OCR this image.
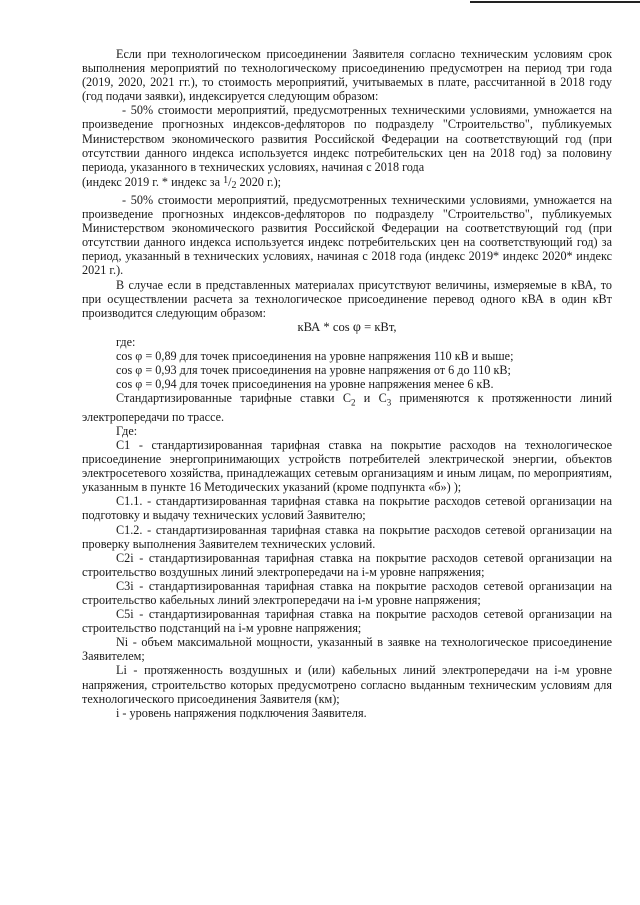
Если при технологическом присоединении Заявителя согласно техническим условиям срок выполнения мероприятий по технологическому присоединению предусмотрен на период три года (2019, 2020, 2021 гг.), то стоимость мероприятий, учитываемых в плате, рассчитанной в 2018 году (год подачи заявки), индексируется следующим образом:

- 50% стоимости мероприятий, предусмотренных техническими условиями, умножается на произведение прогнозных индексов-дефляторов по подразделу "Строительство", публикуемых Министерством экономического развития Российской Федерации на соответствующий год (при отсутствии данного индекса используется индекс потребительских цен на 2018 год) за половину периода, указанного в технических условиях, начиная с 2018 года

(индекс 2019 г. * индекс за $^1$/2 2020 г.);

- 50% стоимости мероприятий, предусмотренных техническими условиями, умножается на произведение прогнозных индексов-дефляторов по подразделу "Строительство", публикуемых Министерством экономического развития Российской Федерации на соответствующий год (при отсутствии данного индекса используется индекс потребительских цен на соответствующий год) за период, указанный в технических условиях, начиная с 2018 года (индекс 2019* индекс 2020* индекс 2021 г.).

В случае если в представленных материалах присутствуют величины, измеряемые в кВА, то при осуществлении расчета за технологическое присоединение перевод одного кВА в один кВт производится следующим образом:

кВА * cos φ = кВт,

где:

cos φ = 0,89 для точек присоединения на уровне напряжения 110 кВ и выше;

cos φ = 0,93 для точек присоединения на уровне напряжения от 6 до 110 кВ;

cos φ = 0,94 для точек присоединения на уровне напряжения менее 6 кВ.

Стандартизированные тарифные ставки $С_2$ и $С_3$ применяются к протяженности линий электропередачи по трассе.

Где:

С1 - стандартизированная тарифная ставка на покрытие расходов на технологическое присоединение энергопринимающих устройств потребителей электрической энергии, объектов электросетевого хозяйства, принадлежащих сетевым организациям и иным лицам, по мероприятиям, указанным в пункте 16 Методических указаний (кроме подпункта «б») );

С1.1. - стандартизированная тарифная ставка на покрытие расходов сетевой организации на подготовку и выдачу технических условий Заявителю;

С1.2. - стандартизированная тарифная ставка на покрытие расходов сетевой организации на проверку выполнения Заявителем технических условий.

С2i - стандартизированная тарифная ставка на покрытие расходов сетевой организации на строительство воздушных линий электропередачи на i-м уровне напряжения;

С3i - стандартизированная тарифная ставка на покрытие расходов сетевой организации на строительство кабельных линий электропередачи на i-м уровне напряжения;

С5i - стандартизированная тарифная ставка на покрытие расходов сетевой организации на строительство подстанций на i-м уровне напряжения;

Ni - объем максимальной мощности, указанный в заявке на технологическое присоединение Заявителем;

Li - протяженность воздушных и (или) кабельных линий электропередачи на i-м уровне напряжения, строительство которых предусмотрено согласно выданным техническим условиям для технологического присоединения Заявителя (км);

i - уровень напряжения подключения Заявителя.
